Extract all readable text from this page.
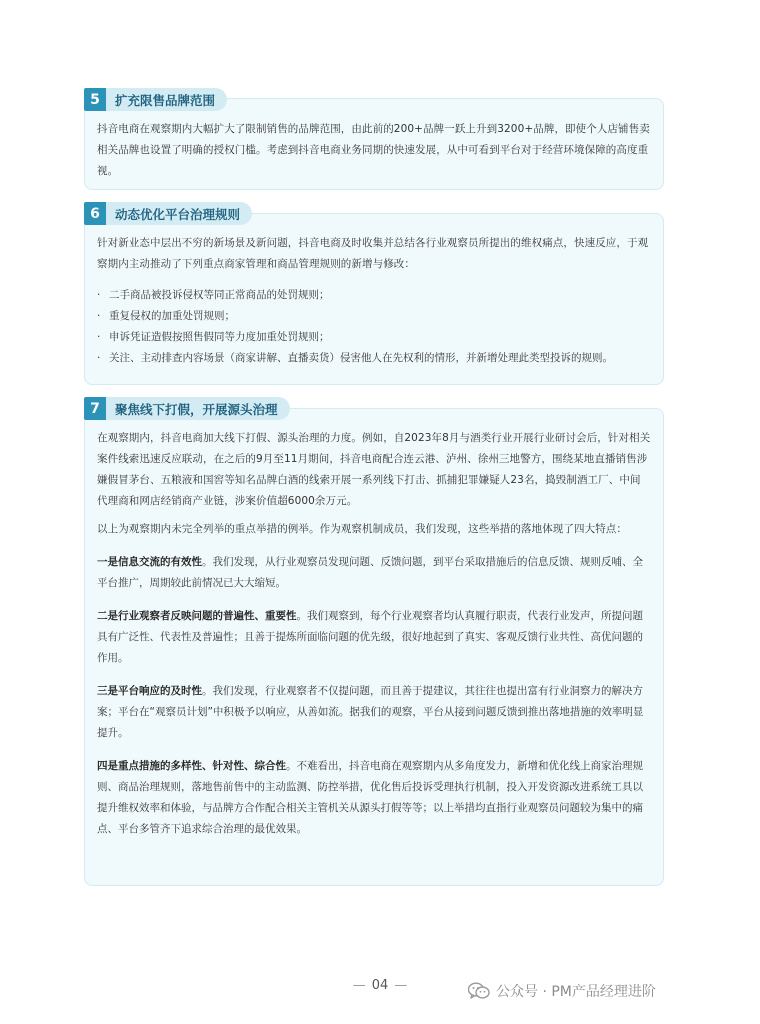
5	扩充限售品牌范围

抖音电商在观察期内大幅扩大了限制销售的品牌范围，由此前的200+品牌一跃上升到3200+品牌，即使个人店铺售卖相关品牌也设置了明确的授权门槛。考虑到抖音电商业务同期的快速发展，从中可看到平台对于经营环境保障的高度重视。

6	动态优化平台治理规则

针对新业态中层出不穷的新场景及新问题，抖音电商及时收集并总结各行业观察员所提出的维权痛点，快速反应，于观察期内主动推动了下列重点商家管理和商品管理规则的新增与修改：

· 二手商品被投诉侵权等同正常商品的处罚规则；
· 重复侵权的加重处罚规则；
· 申诉凭证造假按照售假同等力度加重处罚规则；
· 关注、主动排查内容场景（商家讲解、直播卖货）侵害他人在先权利的情形，并新增处理此类型投诉的规则。
7	聚焦线下打假，开展源头治理

在观察期内，抖音电商加大线下打假、源头治理的力度。例如，自2023年8月与酒类行业开展行业研讨会后，针对相关案件线索迅速反应联动，在之后的9月至11月期间，抖音电商配合连云港、泸州、徐州三地警方，围绕某地直播销售涉嫌假冒茅台、五粮液和国窖等知名品牌白酒的线索开展一系列线下打击、抓捕犯罪嫌疑人23名，捣毁制酒工厂、中间代理商和网店经销商产业链，涉案价值超6000余万元。

以上为观察期内未完全列举的重点举措的例举。作为观察机制成员，我们发现，这些举措的落地体现了四大特点：

一是信息交流的有效性。我们发现，从行业观察员发现问题、反馈问题，到平台采取措施后的信息反馈、规则反哺、全平台推广，周期较此前情况已大大缩短。
二是行业观察者反映问题的普遍性、重要性。我们观察到，每个行业观察者均认真履行职责，代表行业发声，所提问题具有广泛性、代表性及普遍性；且善于提炼所面临问题的优先级，很好地起到了真实、客观反馈行业共性、高优问题的作用。
三是平台响应的及时性。我们发现，行业观察者不仅提问题，而且善于提建议，其往往也提出富有行业洞察力的解决方案；平台在“观察员计划”中积极予以响应，从善如流。据我们的观察，平台从接到问题反馈到推出落地措施的效率明显提升。
四是重点措施的多样性、针对性、综合性。不难看出，抖音电商在观察期内从多角度发力，新增和优化线上商家治理规则、商品治理规则，落地售前售中的主动监测、防控举措，优化售后投诉受理执行机制，投入开发资源改进系统工具以提升维权效率和体验，与品牌方合作配合相关主管机关从源头打假等等；以上举措均直指行业观察员问题较为集中的痛点、平台多管齐下追求综合治理的最优效果。
— 04 —	公众号 · PM产品经理进阶
